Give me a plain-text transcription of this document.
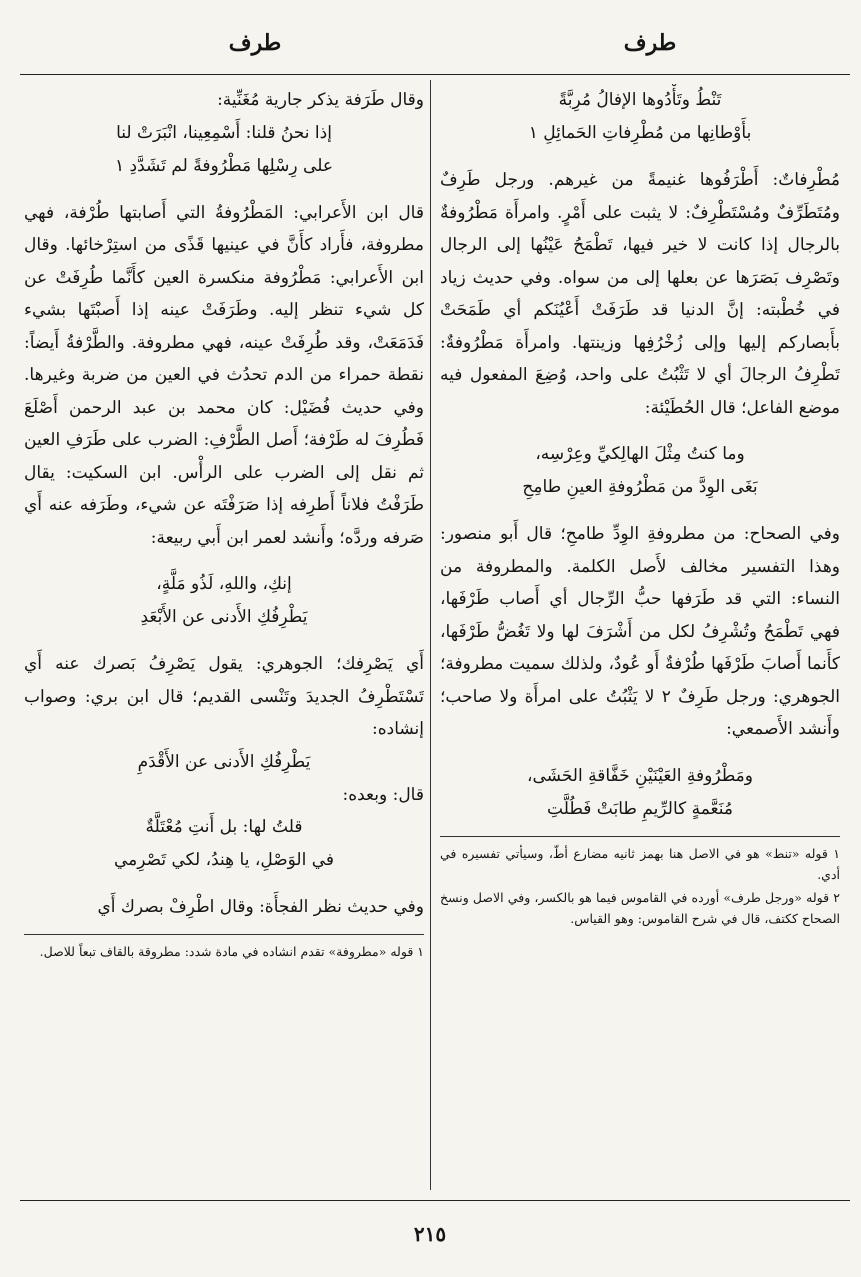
طرف
طرف

تَنْطُ وتَأْدُوها الإفالُ مُرِبَّةً

بأَوْطانِها من مُطْرِفاتِ الحَمائِلِ ١

مُطْرِفاتٌ: أَطْرَفُوها غنيمةً من غيرهم. ورجل طَرِفٌ ومُتَطَرِّفٌ ومُسْتَطْرِفٌ: لا يثبت على أَمْرٍ. وامرأَة مَطْرُوفةٌ بالرجال إذا كانت لا خير فيها، تَطْمَحُ عَيْنُها إلى الرجال وتَصْرِف بَصَرَها عن بعلها إلى من سواه. وفي حديث زياد في خُطْبته: إنَّ الدنيا قد طَرَفَتْ أَعْيُنَكم أي طَمَحَتْ بأَبصاركم إليها وإلى زُخْرُفِها وزينتها. وامرأَة مَطْرُوفةٌ: تَطْرِفُ الرجالَ أي لا تَثْبُتُ على واحد، وُضِعَ المفعول فيه موضع الفاعل؛ قال الحُطَيْئة:

وما كنتُ مِثْلَ الهالِكيِّ وعِرْسِه،

بَغَى الوِدَّ من مَطْرُوفةِ العينِ طامِحِ

وفي الصحاح: من مطروفةِ الوِدِّ طامحِ؛ قال أَبو منصور: وهذا التفسير مخالف لأَصل الكلمة. والمطروفة من النساء: التي قد طَرَفها حبُّ الرِّجال أي أَصاب طَرْفَها، فهي تَطْمَحُ وتُشْرِفُ لكل من أَشْرَفَ لها ولا تَغُضُّ طَرْفَها، كأَنما أَصابَ طَرْفَها طُرْفةٌ أَو عُودٌ، ولذلك سميت مطروفة؛ الجوهري: ورجل طَرِفٌ ٢ لا يَثْبُتُ على امرأَة ولا صاحب؛ وأَنشد الأَصمعي:

ومَطْرُوفةِ العَيْنَيْنِ خَفَّاقةِ الحَشَى،

مُنَعَّمةٍ كالرِّيمِ طابَتْ فَطُلَّتِ

١ قوله «تنط» هو في الاصل هنا بهمز ثانيه مضارع أطّ، وسيأتي تفسيره في أدي.

٢ قوله «ورجل طرف» أورده في القاموس فيما هو بالكسر، وفي الاصل ونسخ الصحاح ككتف، قال في شرح القاموس: وهو القياس.

وقال طَرَفة يذكر جارية مُغَنِّية:

إذا نحنُ قلنا: أَسْمِعِينا، انْبَرَتْ لنا

على رِسْلِها مَطْرُوفةً لم تَشَدَّدِ ١

قال ابن الأَعرابي: المَطْرُوفةُ التي أَصابتها طُرْفة، فهي مطروفة، فأَراد كأَنَّ في عينيها قَذًى من استِرْخائها. وقال ابن الأَعرابي: مَطْرُوفة منكسرة العين كأَنَّما طُرِفَتْ عن كل شيء تنظر إليه. وطَرَفَتْ عينه إذا أَصبْتَها بشيء فَدَمَعَتْ، وقد طُرِفَتْ عينه، فهي مطروفة. والطَّرْفةُ أَيضاً: نقطة حمراء من الدم تحدُث في العين من ضربة وغيرها. وفي حديث فُضَيْل: كان محمد بن عبد الرحمن أَصْلَعَ فَطُرِفَ له طَرْفة؛ أَصل الطَّرْفِ: الضرب على طَرَفِ العين ثم نقل إلى الضرب على الرأْس. ابن السكيت: يقال طَرَفْتُ فلاناً أَطرِفه إذا صَرَفْتَه عن شيء، وطَرَفه عنه أَي صَرفه وردَّه؛ وأَنشد لعمر ابن أَبي ربيعة:

إنكِ، واللهِ، لَذُو مَلَّةٍ،

يَطْرِفُكِ الأَدنى عن الأَبْعَدِ

أَي يَصْرِفك؛ الجوهري: يقول يَصْرِفُ بَصرك عنه أَي تَسْتَطْرِفُ الجديدَ وتَنْسى القديم؛ قال ابن بري: وصواب إنشاده:

يَطْرِفُكِ الأَدنى عن الأَقْدَمِ

قال: وبعده:

قلتُ لها: بل أَنتِ مُعْتَلَّةٌ

في الوَصْلِ، يا هِندُ، لكي تَصْرِمي

وفي حديث نظر الفجأَة: وقال اطْرِفْ بصرك أَي

١ قوله «مطروفة» تقدم انشاده في مادة شدد: مطروقة بالقاف تبعاً للاصل.

٢١٥
